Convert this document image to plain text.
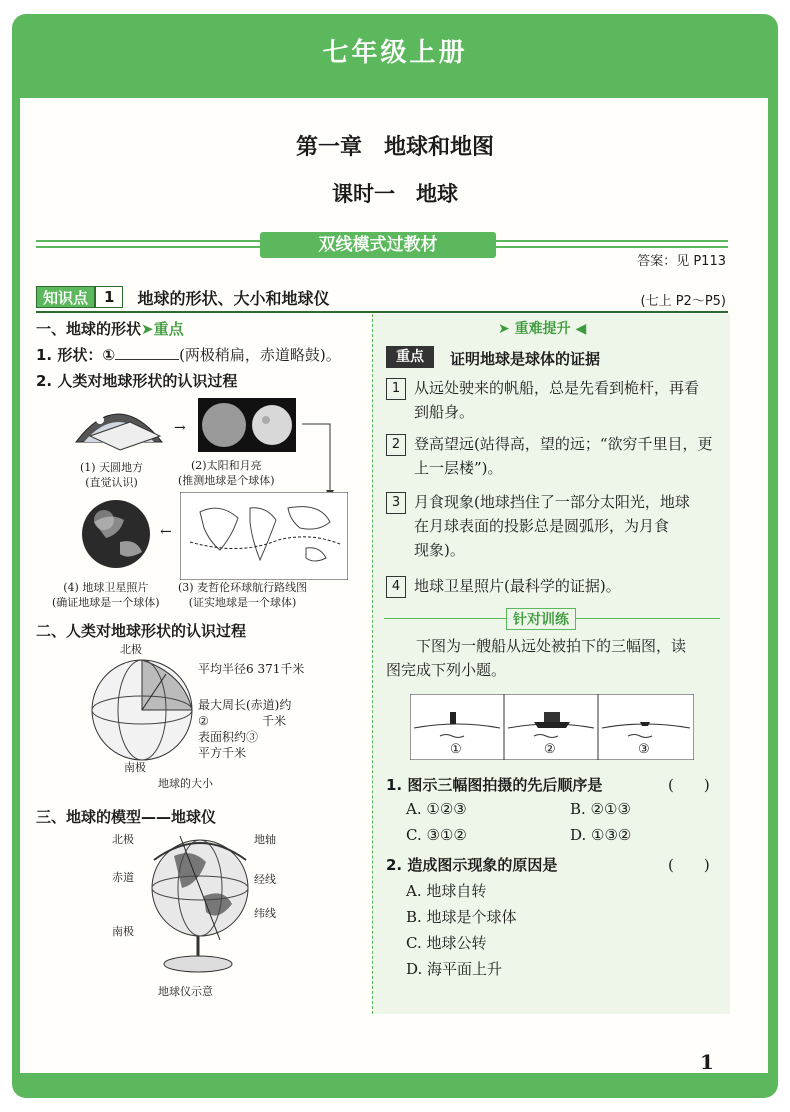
七年级上册
第一章　地球和地图
课时一　地球
双线模式过教材
答案：见 P113
知识点	1	地球的形状、大小和地球仪	(七上 P2～P5)
一、地球的形状➤重点
1. 形状：①	(两极稍扁，赤道略鼓)。
2. 人类对地球形状的认识过程
→
(1) 天圆地方
(直觉认识)
(2)太阳和月亮
(推测地球是个球体)
(3) 麦哲伦环球航行路线图
(证实地球是一个球体)
←
(4) 地球卫星照片
(确证地球是一个球体)
二、人类对地球形状的认识过程
北极
南极
平均半径6 371千米
最大周长(赤道)约
②	千米
表面积约③
平方千米
地球的大小
三、地球的模型——地球仪
北极
赤道
南极
地轴
经线
纬线
地球仪示意
➤ 重难提升 ◀
重点	证明地球是球体的证据
1 从远处驶来的帆船，总是先看到桅杆，再看
到船身。
2 登高望远(站得高，望的远；“欲穷千里目，更
上一层楼”)。
3 月食现象(地球挡住了一部分太阳光，地球
在月球表面的投影总是圆弧形，为月食
现象)。
4 地球卫星照片(最科学的证据)。
针对训练
下图为一艘船从远处被拍下的三幅图，读
图完成下列小题。
①	②	③
1. 图示三幅图拍摄的先后顺序是	(　　)
A. ①②③	B. ②①③
C. ③①②	D. ①③②
2. 造成图示现象的原因是	(　　)
A. 地球自转
B. 地球是个球体
C. 地球公转
D. 海平面上升
1
